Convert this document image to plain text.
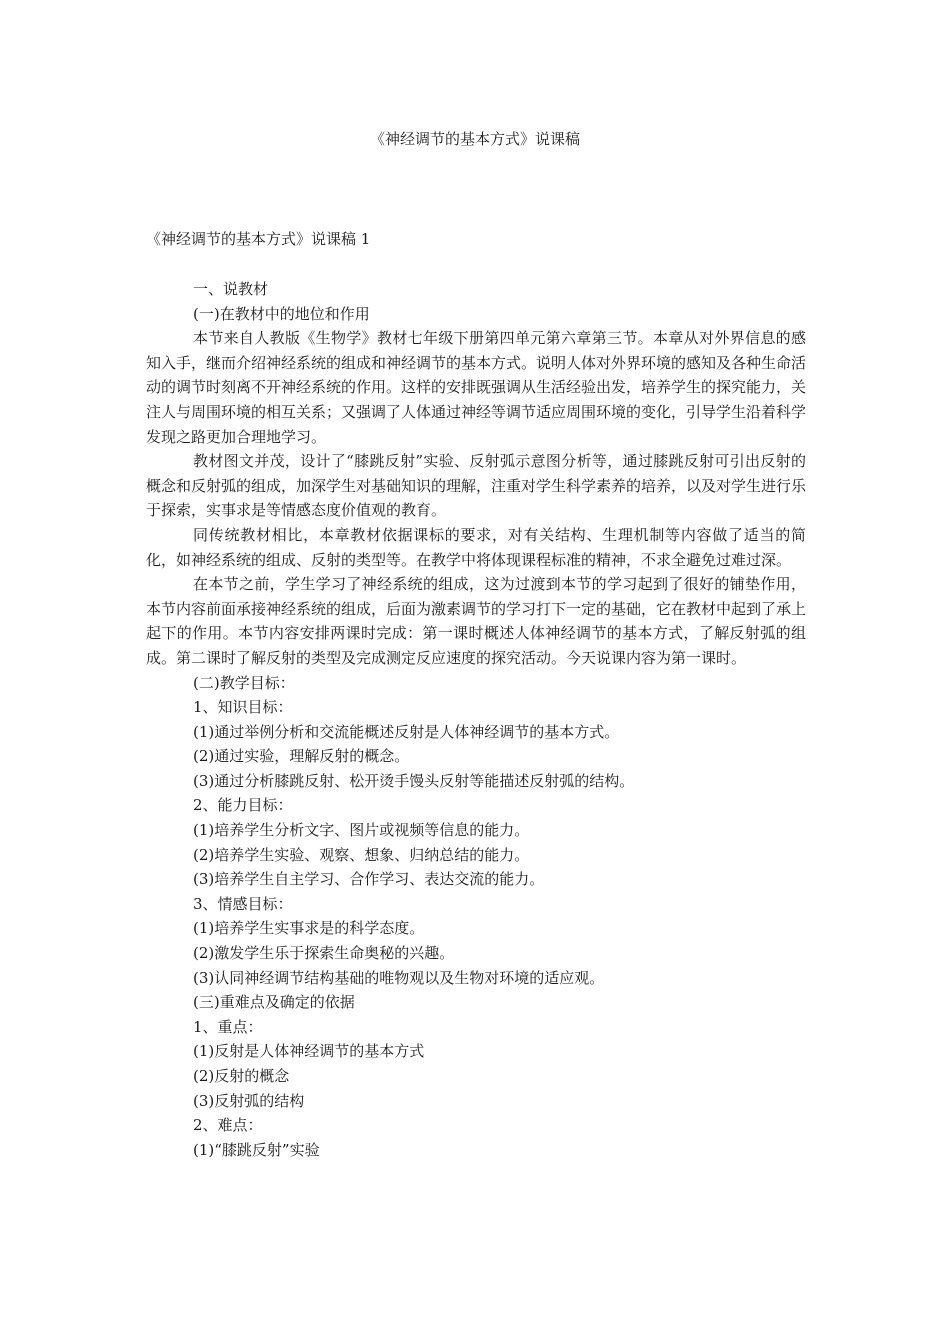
《神经调节的基本方式》说课稿
《神经调节的基本方式》说课稿 1

一、说教材

(一)在教材中的地位和作用

本节来自人教版《生物学》教材七年级下册第四单元第六章第三节。本章从对外界信息的感知入手，继而介绍神经系统的组成和神经调节的基本方式。说明人体对外界环境的感知及各种生命活动的调节时刻离不开神经系统的作用。这样的安排既强调从生活经验出发，培养学生的探究能力，关注人与周围环境的相互关系；又强调了人体通过神经等调节适应周围环境的变化，引导学生沿着科学发现之路更加合理地学习。

教材图文并茂，设计了“膝跳反射”实验、反射弧示意图分析等，通过膝跳反射可引出反射的概念和反射弧的组成，加深学生对基础知识的理解，注重对学生科学素养的培养，以及对学生进行乐于探索，实事求是等情感态度价值观的教育。

同传统教材相比，本章教材依据课标的要求，对有关结构、生理机制等内容做了适当的简化，如神经系统的组成、反射的类型等。在教学中将体现课程标准的精神，不求全避免过难过深。

在本节之前，学生学习了神经系统的组成，这为过渡到本节的学习起到了很好的铺垫作用，本节内容前面承接神经系统的组成，后面为激素调节的学习打下一定的基础，它在教材中起到了承上起下的作用。本节内容安排两课时完成：第一课时概述人体神经调节的基本方式，了解反射弧的组成。第二课时了解反射的类型及完成测定反应速度的探究活动。今天说课内容为第一课时。

(二)教学目标：

1、知识目标：

(1)通过举例分析和交流能概述反射是人体神经调节的基本方式。

(2)通过实验，理解反射的概念。

(3)通过分析膝跳反射、松开烫手馒头反射等能描述反射弧的结构。

2、能力目标：

(1)培养学生分析文字、图片或视频等信息的能力。

(2)培养学生实验、观察、想象、归纳总结的能力。

(3)培养学生自主学习、合作学习、表达交流的能力。

3、情感目标：

(1)培养学生实事求是的科学态度。

(2)激发学生乐于探索生命奥秘的兴趣。

(3)认同神经调节结构基础的唯物观以及生物对环境的适应观。

(三)重难点及确定的依据

1、重点：

(1)反射是人体神经调节的基本方式

(2)反射的概念

(3)反射弧的结构

2、难点：

(1)“膝跳反射”实验
